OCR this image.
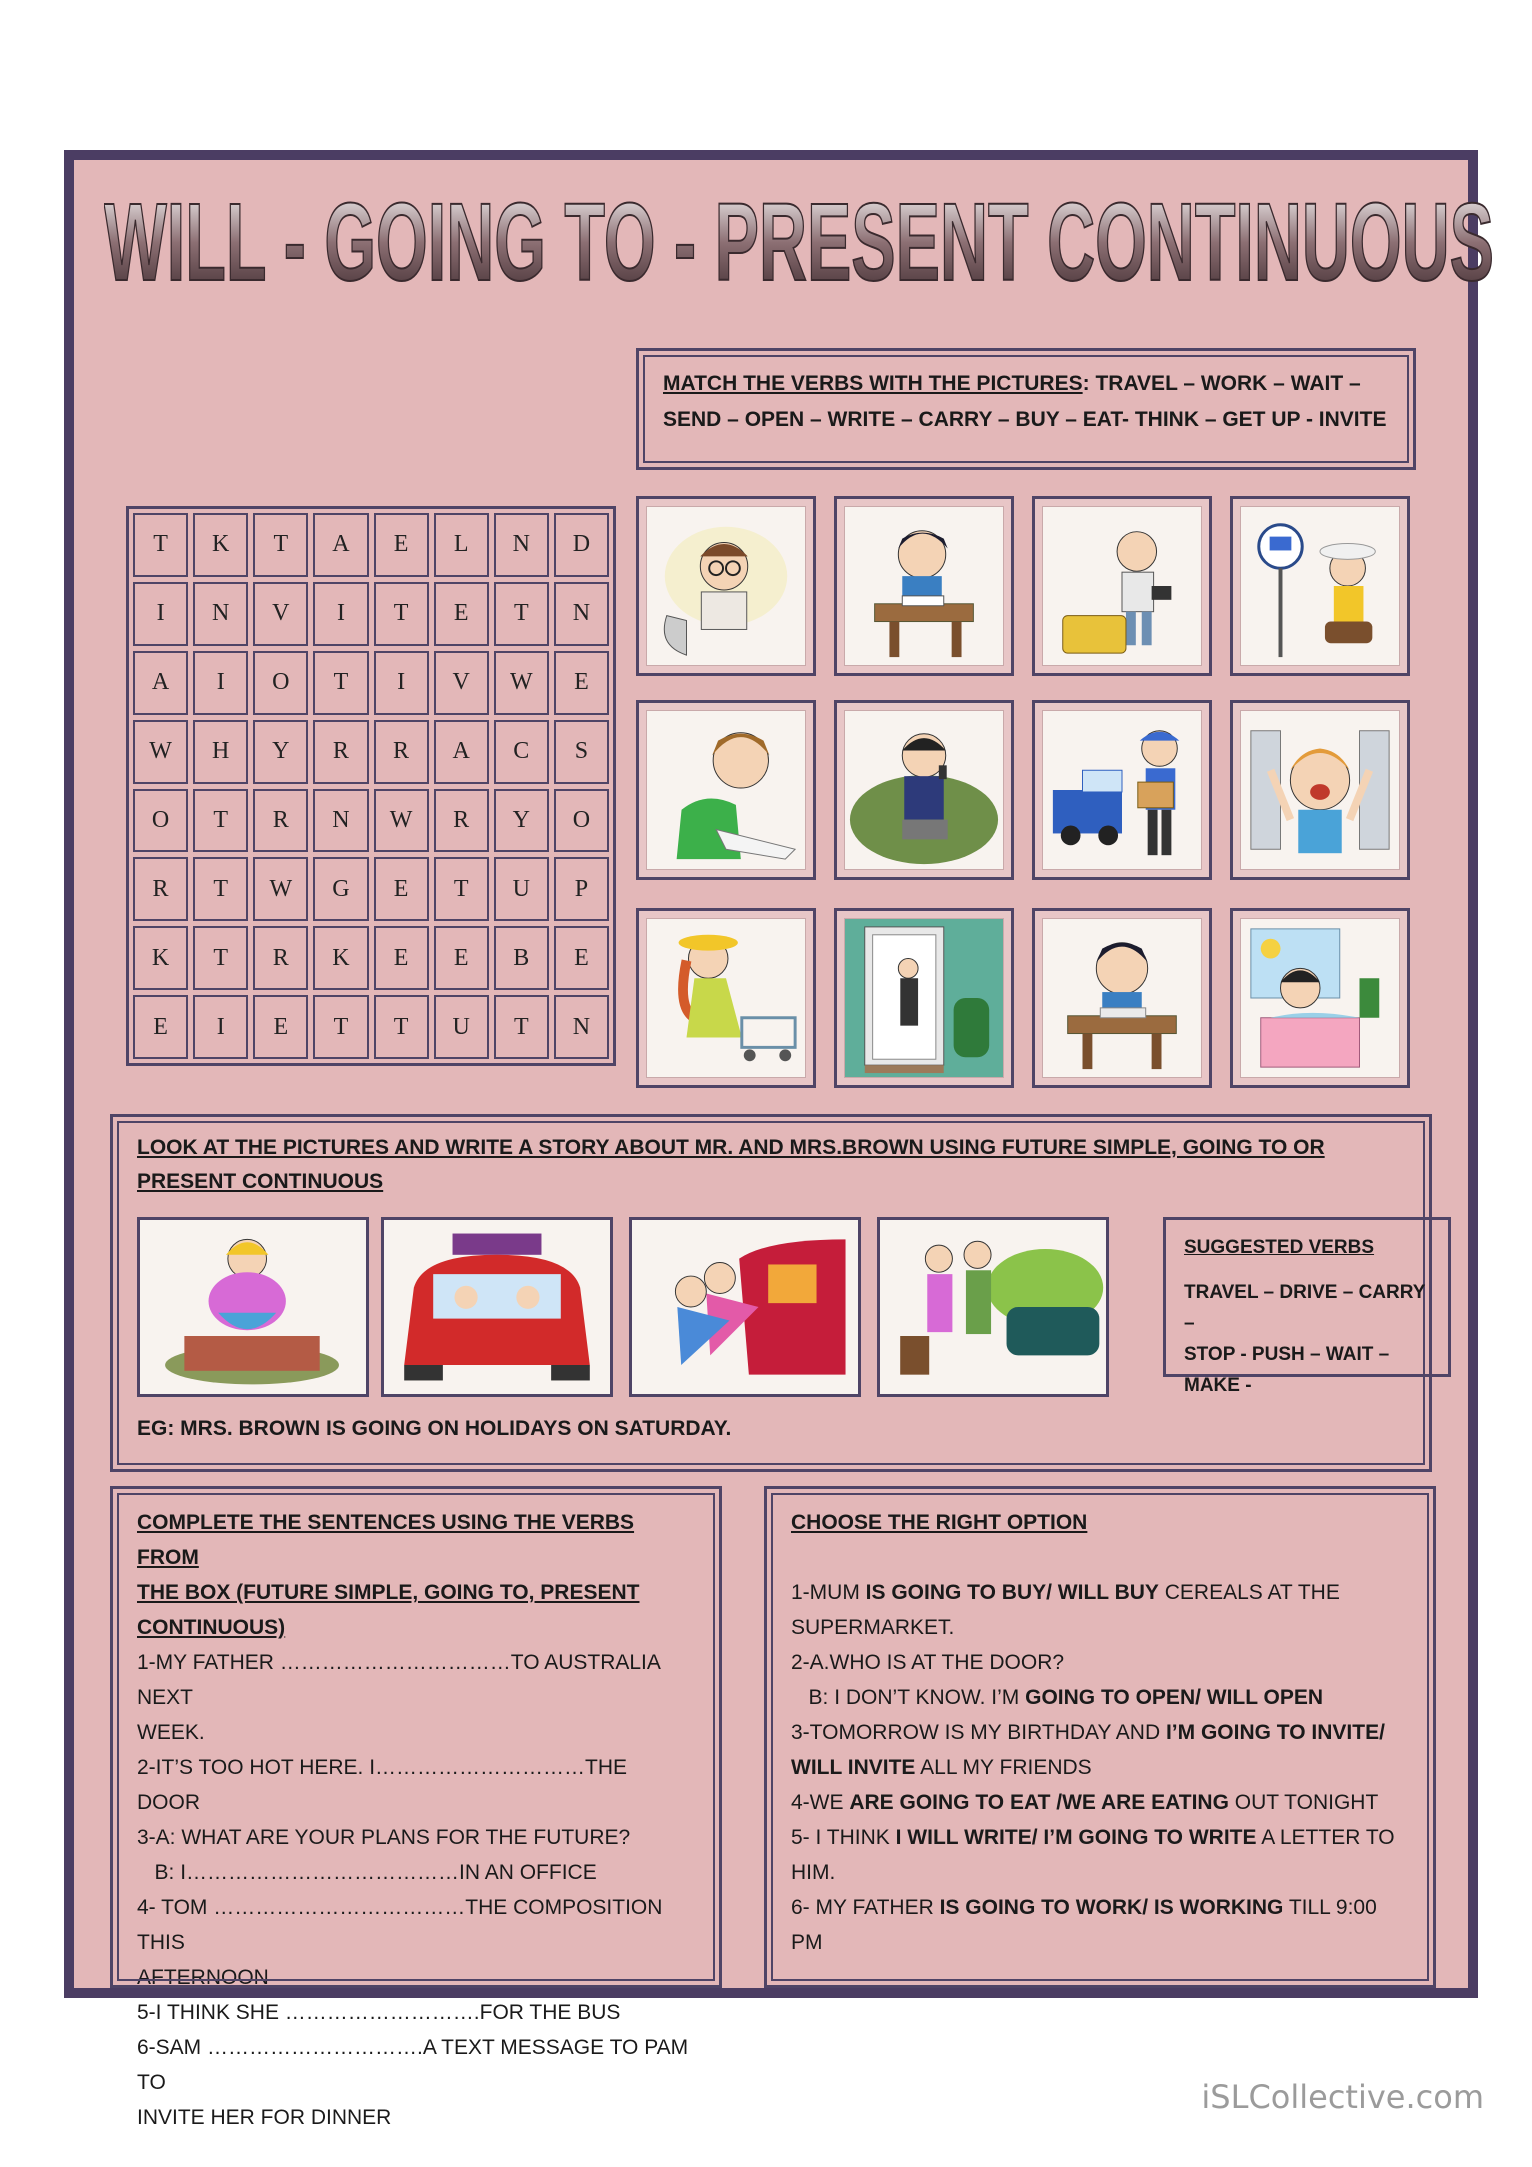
WILL - GOING TO - PRESENT CONTINUOUS
MATCH THE VERBS WITH THE PICTURES: TRAVEL – WORK – WAIT –
SEND – OPEN – WRITE – CARRY – BUY – EAT- THINK – GET UP - INVITE
T	K	T	A	E	L	N	D
I	N	V	I	T	E	T	N
A	I	O	T	I	V	W	E
W	H	Y	R	R	A	C	S
O	T	R	N	W	R	Y	O
R	T	W	G	E	T	U	P
K	T	R	K	E	E	B	E
E	I	E	T	T	U	T	N
LOOK AT THE PICTURES AND WRITE A STORY ABOUT MR. AND MRS.BROWN USING FUTURE SIMPLE, GOING TO OR
PRESENT CONTINUOUS
SUGGESTED VERBS
TRAVEL – DRIVE – CARRY –
STOP - PUSH – WAIT –
MAKE -
EG: MRS. BROWN IS GOING ON HOLIDAYS ON SATURDAY.
COMPLETE THE SENTENCES USING THE VERBS FROM
THE BOX (FUTURE SIMPLE, GOING TO, PRESENT
CONTINUOUS)
1-MY FATHER ……………………………TO AUSTRALIA NEXT
WEEK.
2-IT’S TOO HOT HERE. I…………………………THE DOOR
3-A: WHAT ARE YOUR PLANS FOR THE FUTURE?
B: I…………………………………IN AN OFFICE
4- TOM ………………………………THE COMPOSITION THIS
AFTERNOON
5-I THINK SHE ……………………….FOR THE BUS
6-SAM ………………………….A TEXT MESSAGE TO PAM TO
INVITE HER FOR DINNER
CHOOSE THE RIGHT OPTION
1-MUM IS GOING TO BUY/ WILL BUY CEREALS AT THE
SUPERMARKET.
2-A.WHO IS AT THE DOOR?
B: I DON’T KNOW. I’M GOING TO OPEN/ WILL OPEN
3-TOMORROW IS MY BIRTHDAY AND I’M GOING TO INVITE/
WILL INVITE ALL MY FRIENDS
4-WE ARE GOING TO EAT /WE ARE EATING OUT TONIGHT
5- I THINK I WILL WRITE/ I’M GOING TO WRITE A LETTER TO
HIM.
6- MY FATHER IS GOING TO WORK/ IS WORKING TILL 9:00
PM
iSLCollective.com
